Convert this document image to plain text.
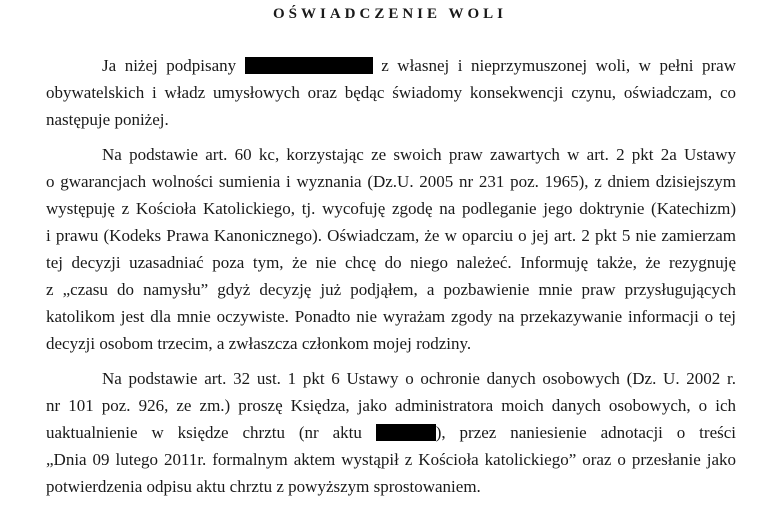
OŚWIADCZENIE WOLI
Ja niżej podpisany	z własnej i nieprzymuszonej woli, w pełni praw
obywatelskich i władz umysłowych oraz będąc świadomy konsekwencji czynu, oświadczam, co
następuje poniżej.
Na podstawie art. 60 kc, korzystając ze swoich praw zawartych w art. 2 pkt 2a Ustawy
o gwarancjach wolności sumienia i wyznania (Dz.U. 2005 nr 231 poz. 1965), z dniem dzisiejszym
występuję z Kościoła Katolickiego, tj. wycofuję zgodę na podleganie jego doktrynie (Katechizm)
i prawu (Kodeks Prawa Kanonicznego). Oświadczam, że w oparciu o jej art. 2 pkt 5 nie zamierzam
tej decyzji uzasadniać poza tym, że nie chcę do niego należeć. Informuję także, że rezygnuję
z „czasu do namysłu” gdyż decyzję już podjąłem, a pozbawienie mnie praw przysługujących
katolikom jest dla mnie oczywiste. Ponadto nie wyrażam zgody na przekazywanie informacji o tej
decyzji osobom trzecim, a zwłaszcza członkom mojej rodziny.
Na podstawie art. 32 ust. 1 pkt 6 Ustawy o ochronie danych osobowych (Dz. U. 2002 r.
nr 101 poz. 926, ze zm.) proszę Księdza, jako administratora moich danych osobowych, o ich
uaktualnienie w księdze chrztu (nr aktu	), przez naniesienie adnotacji o treści
„Dnia 09 lutego 2011r. formalnym aktem wystąpił z Kościoła katolickiego” oraz o przesłanie jako
potwierdzenia odpisu aktu chrztu z powyższym sprostowaniem.
